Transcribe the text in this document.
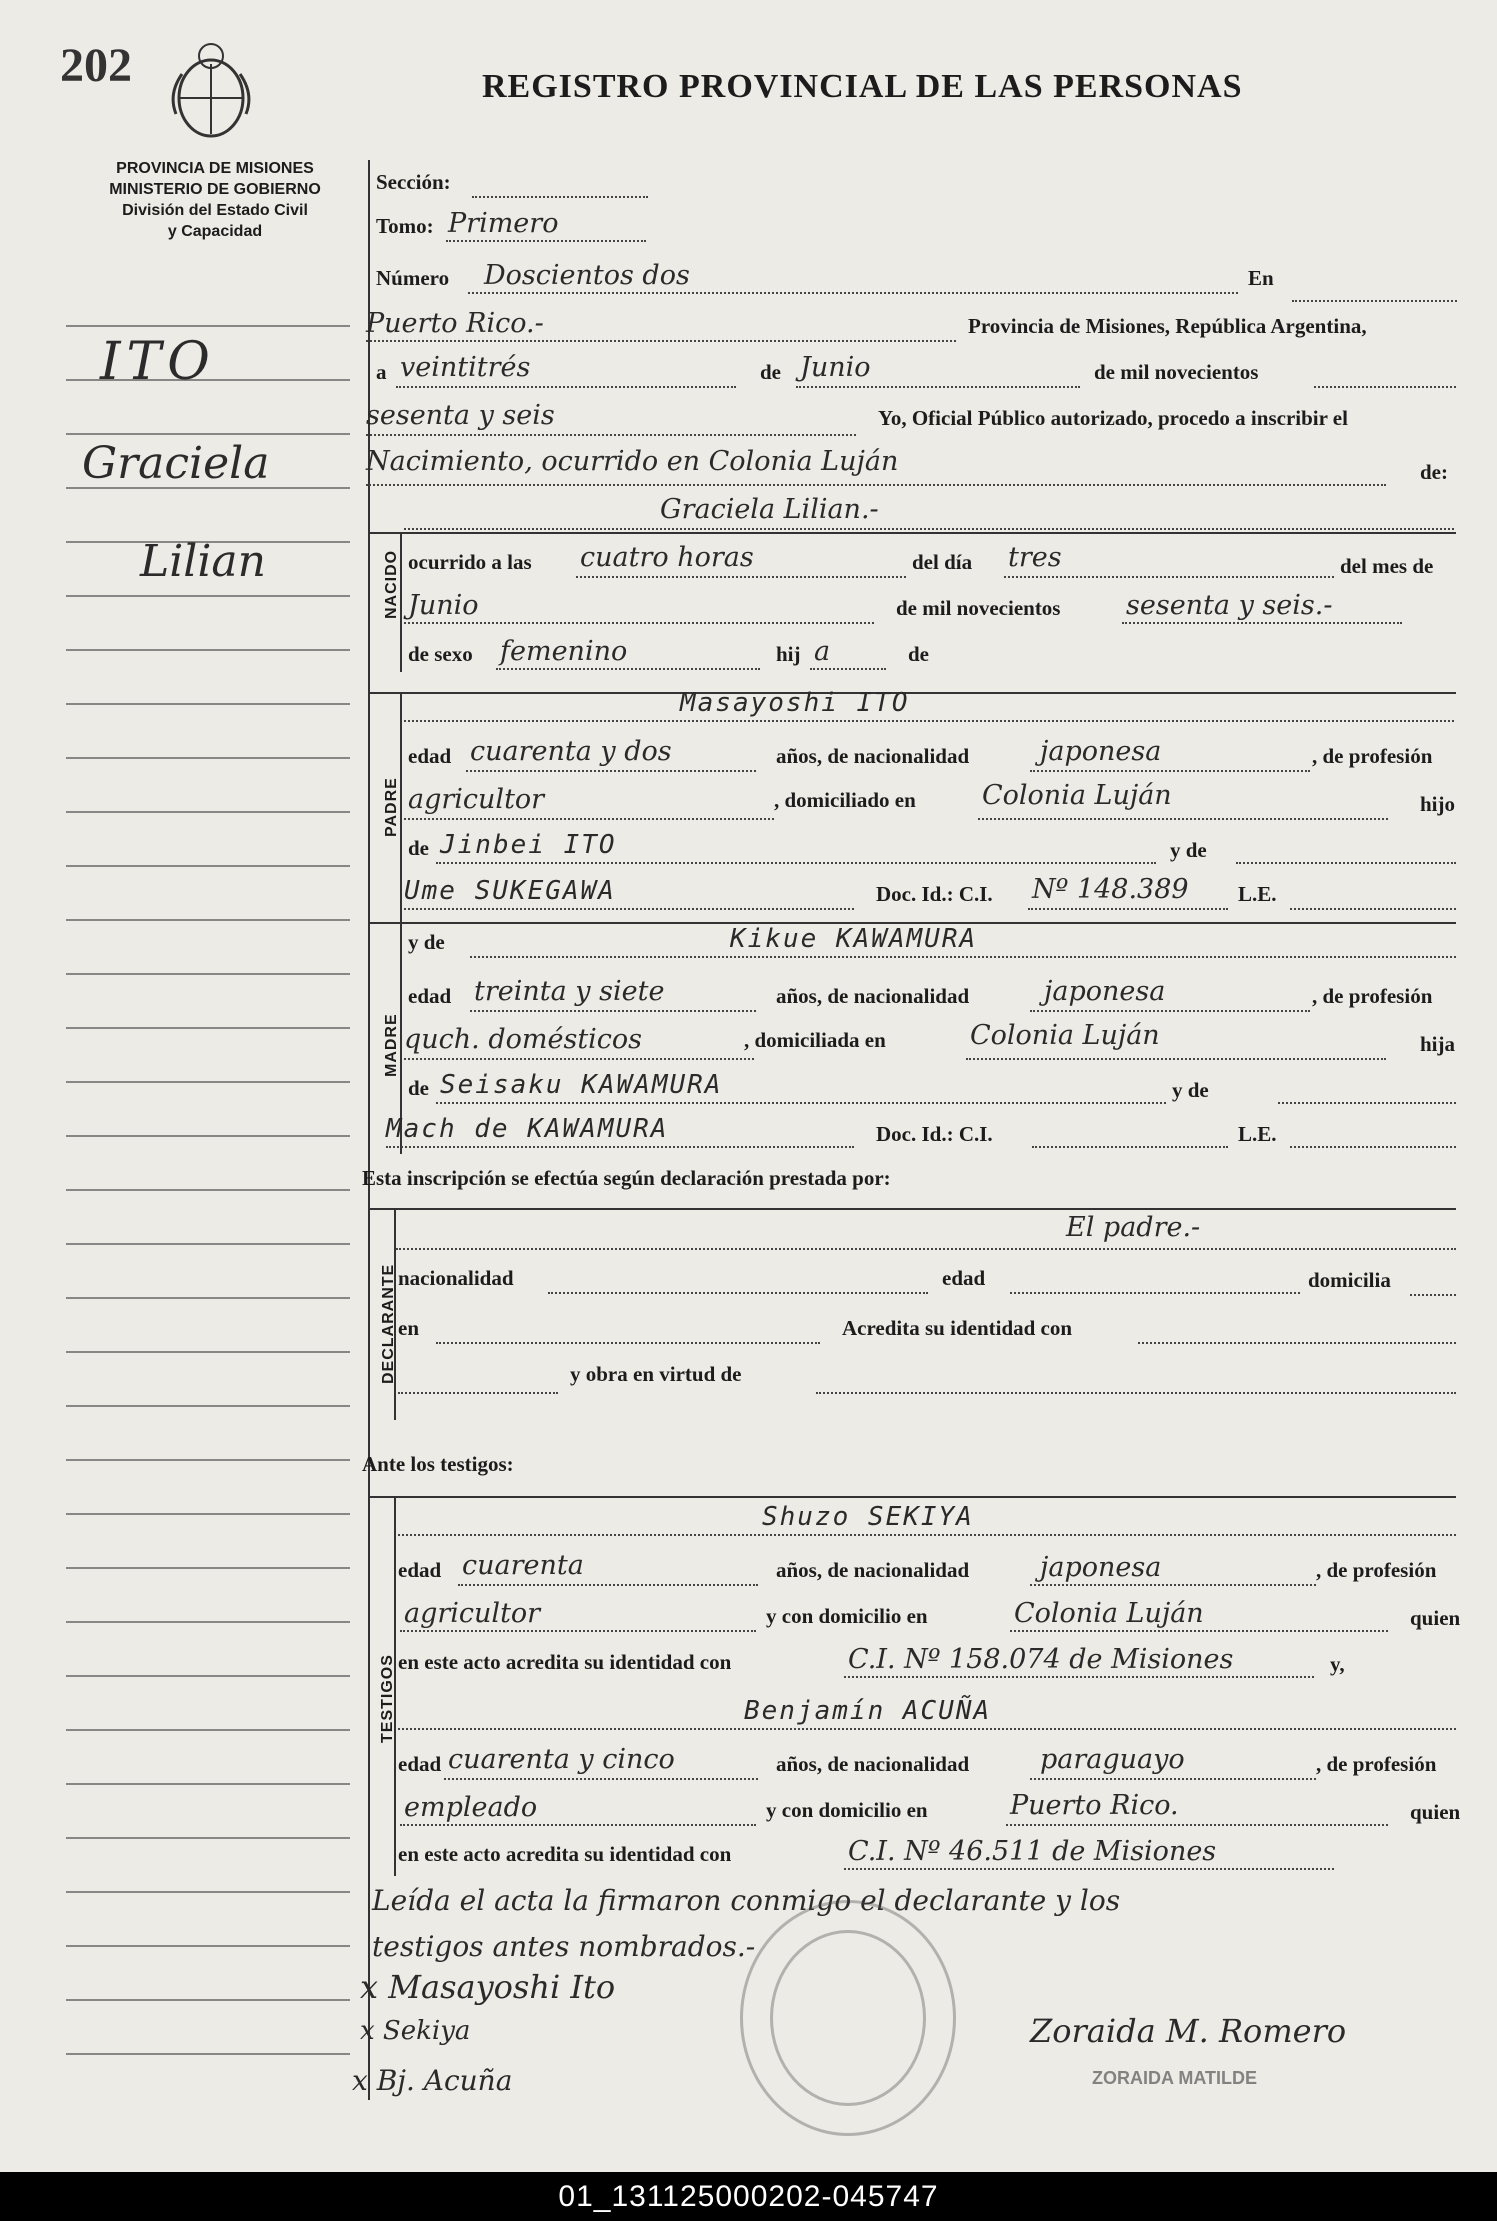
202	REGISTRO PROVINCIAL DE LAS PERSONAS
PROVINCIA DE MISIONES
MINISTERIO DE GOBIERNO
División del Estado Civil
y Capacidad
ITO
Graciela
Lilian
Sección:
Tomo: Primero
Número Doscientos dos	En
Puerto Rico.-	Provincia de Misiones, República Argentina,
a veintitrés	de Junio	de mil novecientos
sesenta y seis	Yo, Oficial Público autorizado, procedo a inscribir el
Nacimiento, ocurrido en Colonia Luján	de:
NACIDO
Graciela Lilian.-
ocurrido a las cuatro horas	del día tres	del mes de
Junio	de mil novecientos sesenta y seis.-
de sexo femenino	hij a	de
PADRE
Masayoshi ITO
edad cuarenta y dos	años, de nacionalidad	japonesa	, de profesión
agricultor	, domiciliado en Colonia Luján	hijo
de Jinbei ITO	y de
Ume SUKEGAWA	Doc. Id.: C.I. Nº 148.389 L.E.
MADRE
y de	Kikue KAWAMURA
edad treinta y siete	años, de nacionalidad	japonesa	, de profesión
quch. domésticos	, domiciliada en	Colonia Luján	hija
de Seisaku KAWAMURA	y de
Mach de KAWAMURA	Doc. Id.: C.I.	L.E.
Esta inscripción se efectúa según declaración prestada por:
DECLARANTE
El padre.-
nacionalidad	edad	domicilia
en	Acredita su identidad con
y obra en virtud de
Ante los testigos:
TESTIGOS
Shuzo SEKIYA
edad cuarenta	años, de nacionalidad	japonesa	, de profesión
agricultor	y con domicilio en	Colonia Luján	quien
en este acto acredita su identidad con	C.I. Nº 158.074 de Misiones	y,
Benjamín ACUÑA
edad cuarenta y cinco	años, de nacionalidad	paraguayo	, de profesión
empleado	y con domicilio en	Puerto Rico.	quien
en este acto acredita su identidad con	C.I. Nº 46.511 de Misiones
Leída el acta la firmaron conmigo el declarante y los
testigos antes nombrados.-
x Masayoshi Ito
x Sekiya
x Bj. Acuña
Zoraida M. Romero
ZORAIDA MATILDE
01_131125000202-045747
